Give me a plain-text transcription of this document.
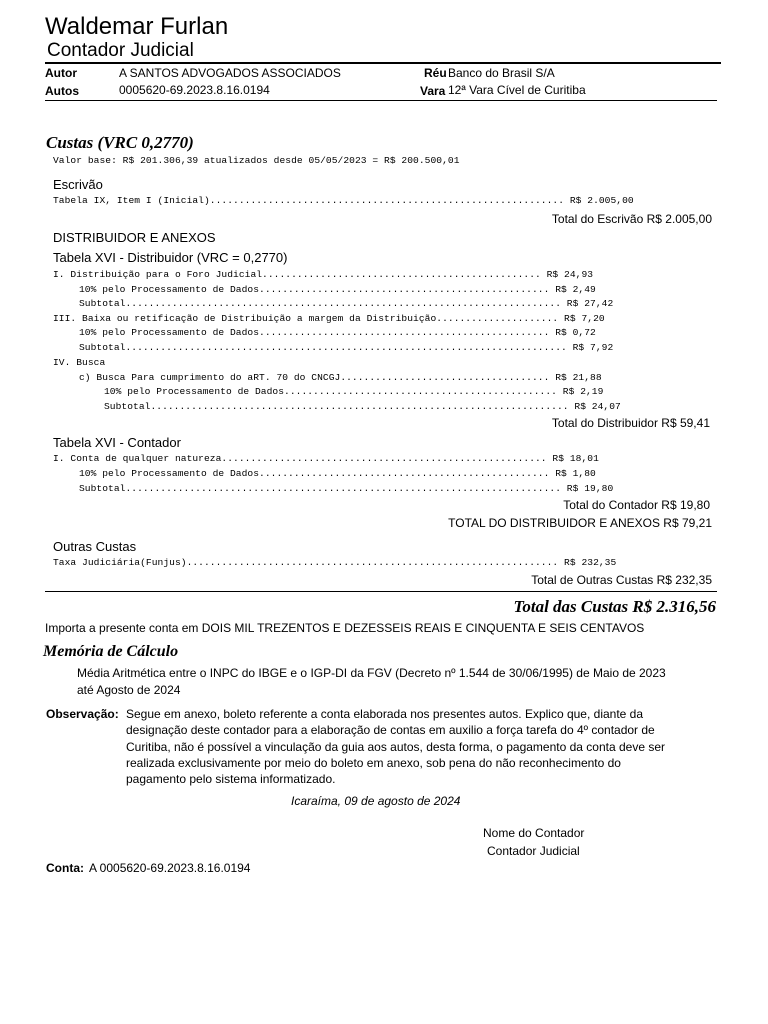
Waldemar Furlan
Contador Judicial
Autor	A SANTOS ADVOGADOS ASSOCIADOS	Réu Banco do Brasil S/A
Autos	0005620-69.2023.8.16.0194	Vara 12ª Vara Cível de Curitiba
Custas (VRC 0,2770)
Valor base: R$ 201.306,39 atualizados desde 05/05/2023 = R$ 200.500,01
Escrivão
Tabela IX, Item I (Inicial)............................................................. R$ 2.005,00
Total do Escrivão R$ 2.005,00
DISTRIBUIDOR E ANEXOS
Tabela XVI - Distribuidor (VRC = 0,2770)
I. Distribuição para o Foro Judicial................................................ R$ 24,93
10% pelo Processamento de Dados.................................................. R$ 2,49
Subtotal........................................................................... R$ 27,42
III. Baixa ou retificação de Distribuição a margem da Distribuição..................... R$ 7,20
10% pelo Processamento de Dados.................................................. R$ 0,72
Subtotal............................................................................ R$ 7,92
IV. Busca
c) Busca Para cumprimento do aRT. 70 do CNCGJ.................................... R$ 21,88
10% pelo Processamento de Dados............................................... R$ 2,19
Subtotal........................................................................ R$ 24,07
Total do Distribuidor R$ 59,41
Tabela XVI - Contador
I. Conta de qualquer natureza........................................................ R$ 18,01
10% pelo Processamento de Dados.................................................. R$ 1,80
Subtotal........................................................................... R$ 19,80
Total do Contador R$ 19,80
TOTAL DO DISTRIBUIDOR E ANEXOS R$ 79,21
Outras Custas
Taxa Judiciária(Funjus)................................................................ R$ 232,35
Total de Outras Custas R$ 232,35
Total das Custas R$ 2.316,56
Importa a presente conta em DOIS MIL TREZENTOS E DEZESSEIS REAIS E CINQUENTA E SEIS CENTAVOS
Memória de Cálculo
Média Aritmética entre o INPC do IBGE e o IGP-DI da FGV (Decreto nº 1.544 de 30/06/1995) de Maio de 2023
até Agosto de 2024
Observação: Segue em anexo, boleto referente a conta elaborada nos presentes autos. Explico que, diante da
designação deste contador para a elaboração de contas em auxilio a força tarefa do 4º contador de
Curitiba, não é possível a vinculação da guia aos autos, desta forma, o pagamento da conta deve ser
realizada exclusivamente por meio do boleto em anexo, sob pena do não reconhecimento do
pagamento pelo sistema informatizado.
Icaraíma, 09 de agosto de 2024
Nome do Contador
Contador Judicial
Conta: A 0005620-69.2023.8.16.0194
